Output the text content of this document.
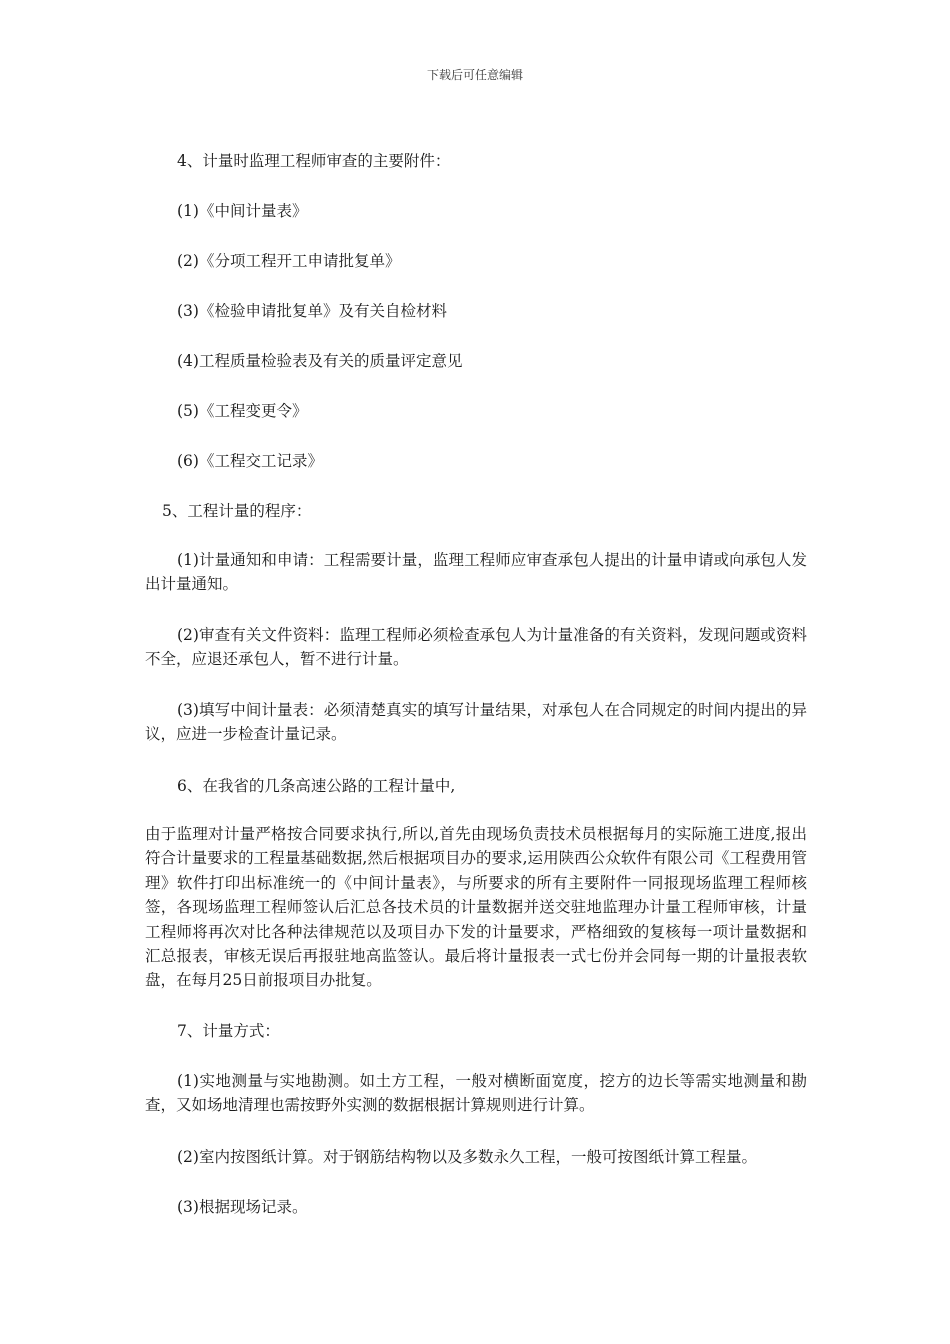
下载后可任意编辑
4、计量时监理工程师审查的主要附件：
(1)《中间计量表》
(2)《分项工程开工申请批复单》
(3)《检验申请批复单》及有关自检材料
(4)工程质量检验表及有关的质量评定意见
(5)《工程变更令》
(6)《工程交工记录》
5、工程计量的程序：
(1)计量通知和申请：工程需要计量，监理工程师应审查承包人提出的计量申请或向承包人发出计量通知。
(2)审查有关文件资料：监理工程师必须检查承包人为计量准备的有关资料，发现问题或资料不全，应退还承包人，暂不进行计量。
(3)填写中间计量表：必须清楚真实的填写计量结果，对承包人在合同规定的时间内提出的异议，应进一步检查计量记录。
6、在我省的几条高速公路的工程计量中,
由于监理对计量严格按合同要求执行,所以,首先由现场负责技术员根据每月的实际施工进度,报出符合计量要求的工程量基础数据,然后根据项目办的要求,运用陕西公众软件有限公司《工程费用管理》软件打印出标准统一的《中间计量表》，与所要求的所有主要附件一同报现场监理工程师核签，各现场监理工程师签认后汇总各技术员的计量数据并送交驻地监理办计量工程师审核，计量工程师将再次对比各种法律规范以及项目办下发的计量要求，严格细致的复核每一项计量数据和汇总报表，审核无误后再报驻地高监签认。最后将计量报表一式七份并会同每一期的计量报表软盘，在每月25日前报项目办批复。
7、计量方式：
(1)实地测量与实地勘测。如土方工程，一般对横断面宽度，挖方的边长等需实地测量和勘查，又如场地清理也需按野外实测的数据根据计算规则进行计算。
(2)室内按图纸计算。对于钢筋结构物以及多数永久工程，一般可按图纸计算工程量。
(3)根据现场记录。
